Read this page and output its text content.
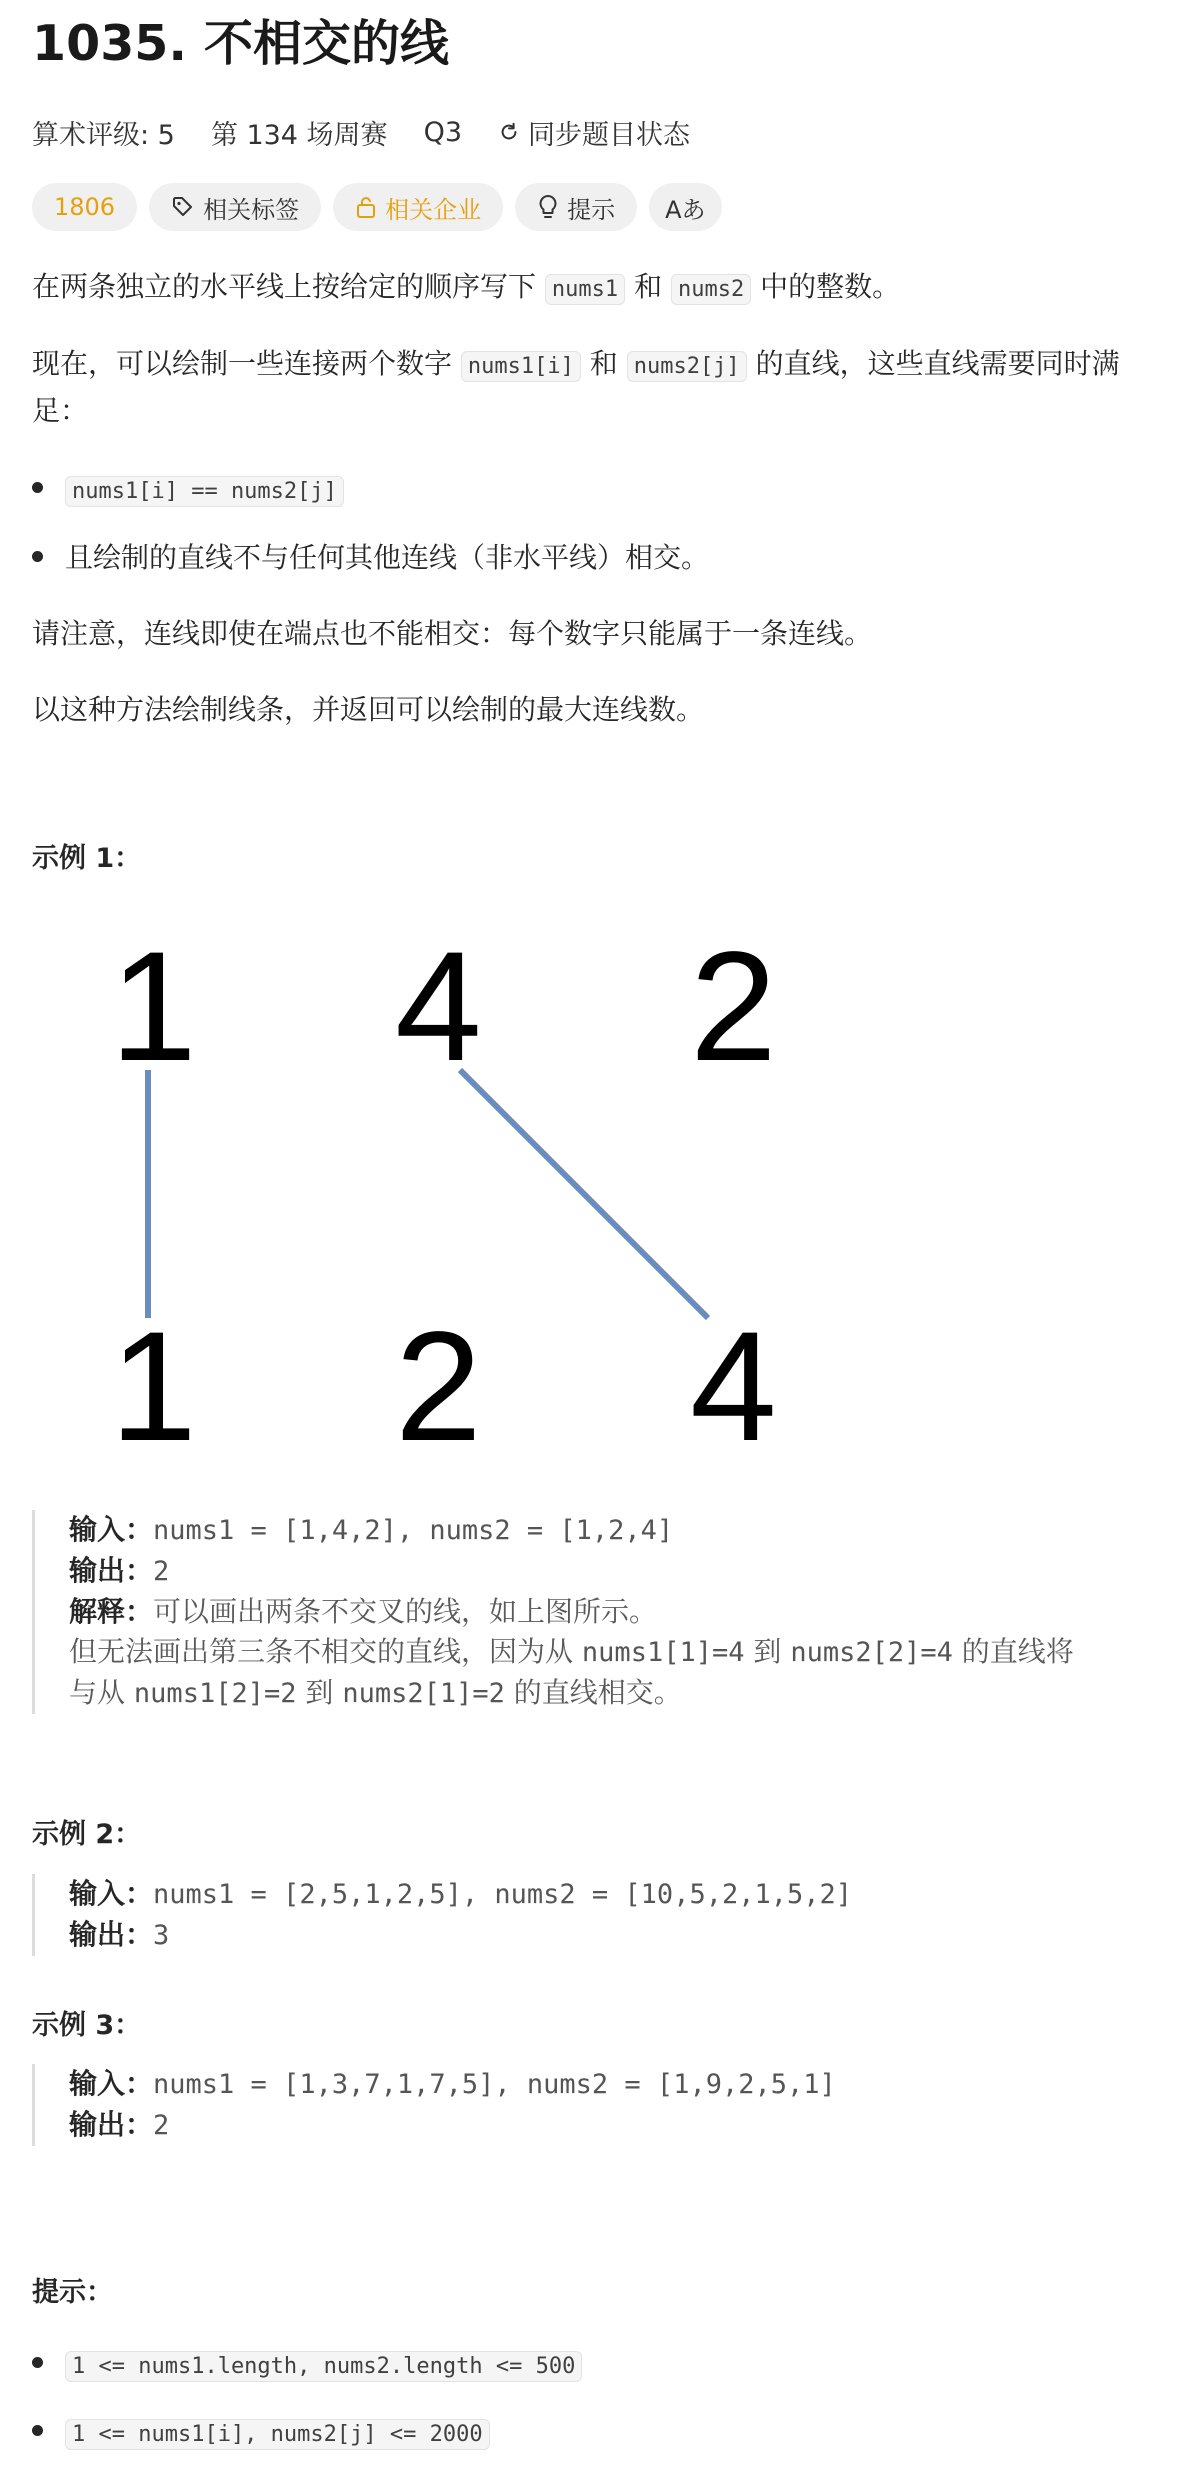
1035. 不相交的线
算术评级: 5 第 134 场周赛 Q3 同步题目状态
1806	相关标签	相关企业	提示 Aあ
在两条独立的水平线上按给定的顺序写下 nums1 和 nums2 中的整数。
现在，可以绘制一些连接两个数字 nums1[i] 和 nums2[j] 的直线，这些直线需要同时满足：
nums1[i] == nums2[j]
且绘制的直线不与任何其他连线（非水平线）相交。
请注意，连线即使在端点也不能相交：每个数字只能属于一条连线。
以这种方法绘制线条，并返回可以绘制的最大连线数。
示例 1：
1 4 2
1 2 4
输入：nums1 = [1,4,2], nums2 = [1,2,4]
输出：2
解释：可以画出两条不交叉的线，如上图所示。
但无法画出第三条不相交的直线，因为从 nums1[1]=4 到 nums2[2]=4 的直线将
与从 nums1[2]=2 到 nums2[1]=2 的直线相交。
示例 2：
输入：nums1 = [2,5,1,2,5], nums2 = [10,5,2,1,5,2]
输出：3
示例 3：
输入：nums1 = [1,3,7,1,7,5], nums2 = [1,9,2,5,1]
输出：2
提示：
1 <= nums1.length, nums2.length <= 500
1 <= nums1[i], nums2[j] <= 2000
